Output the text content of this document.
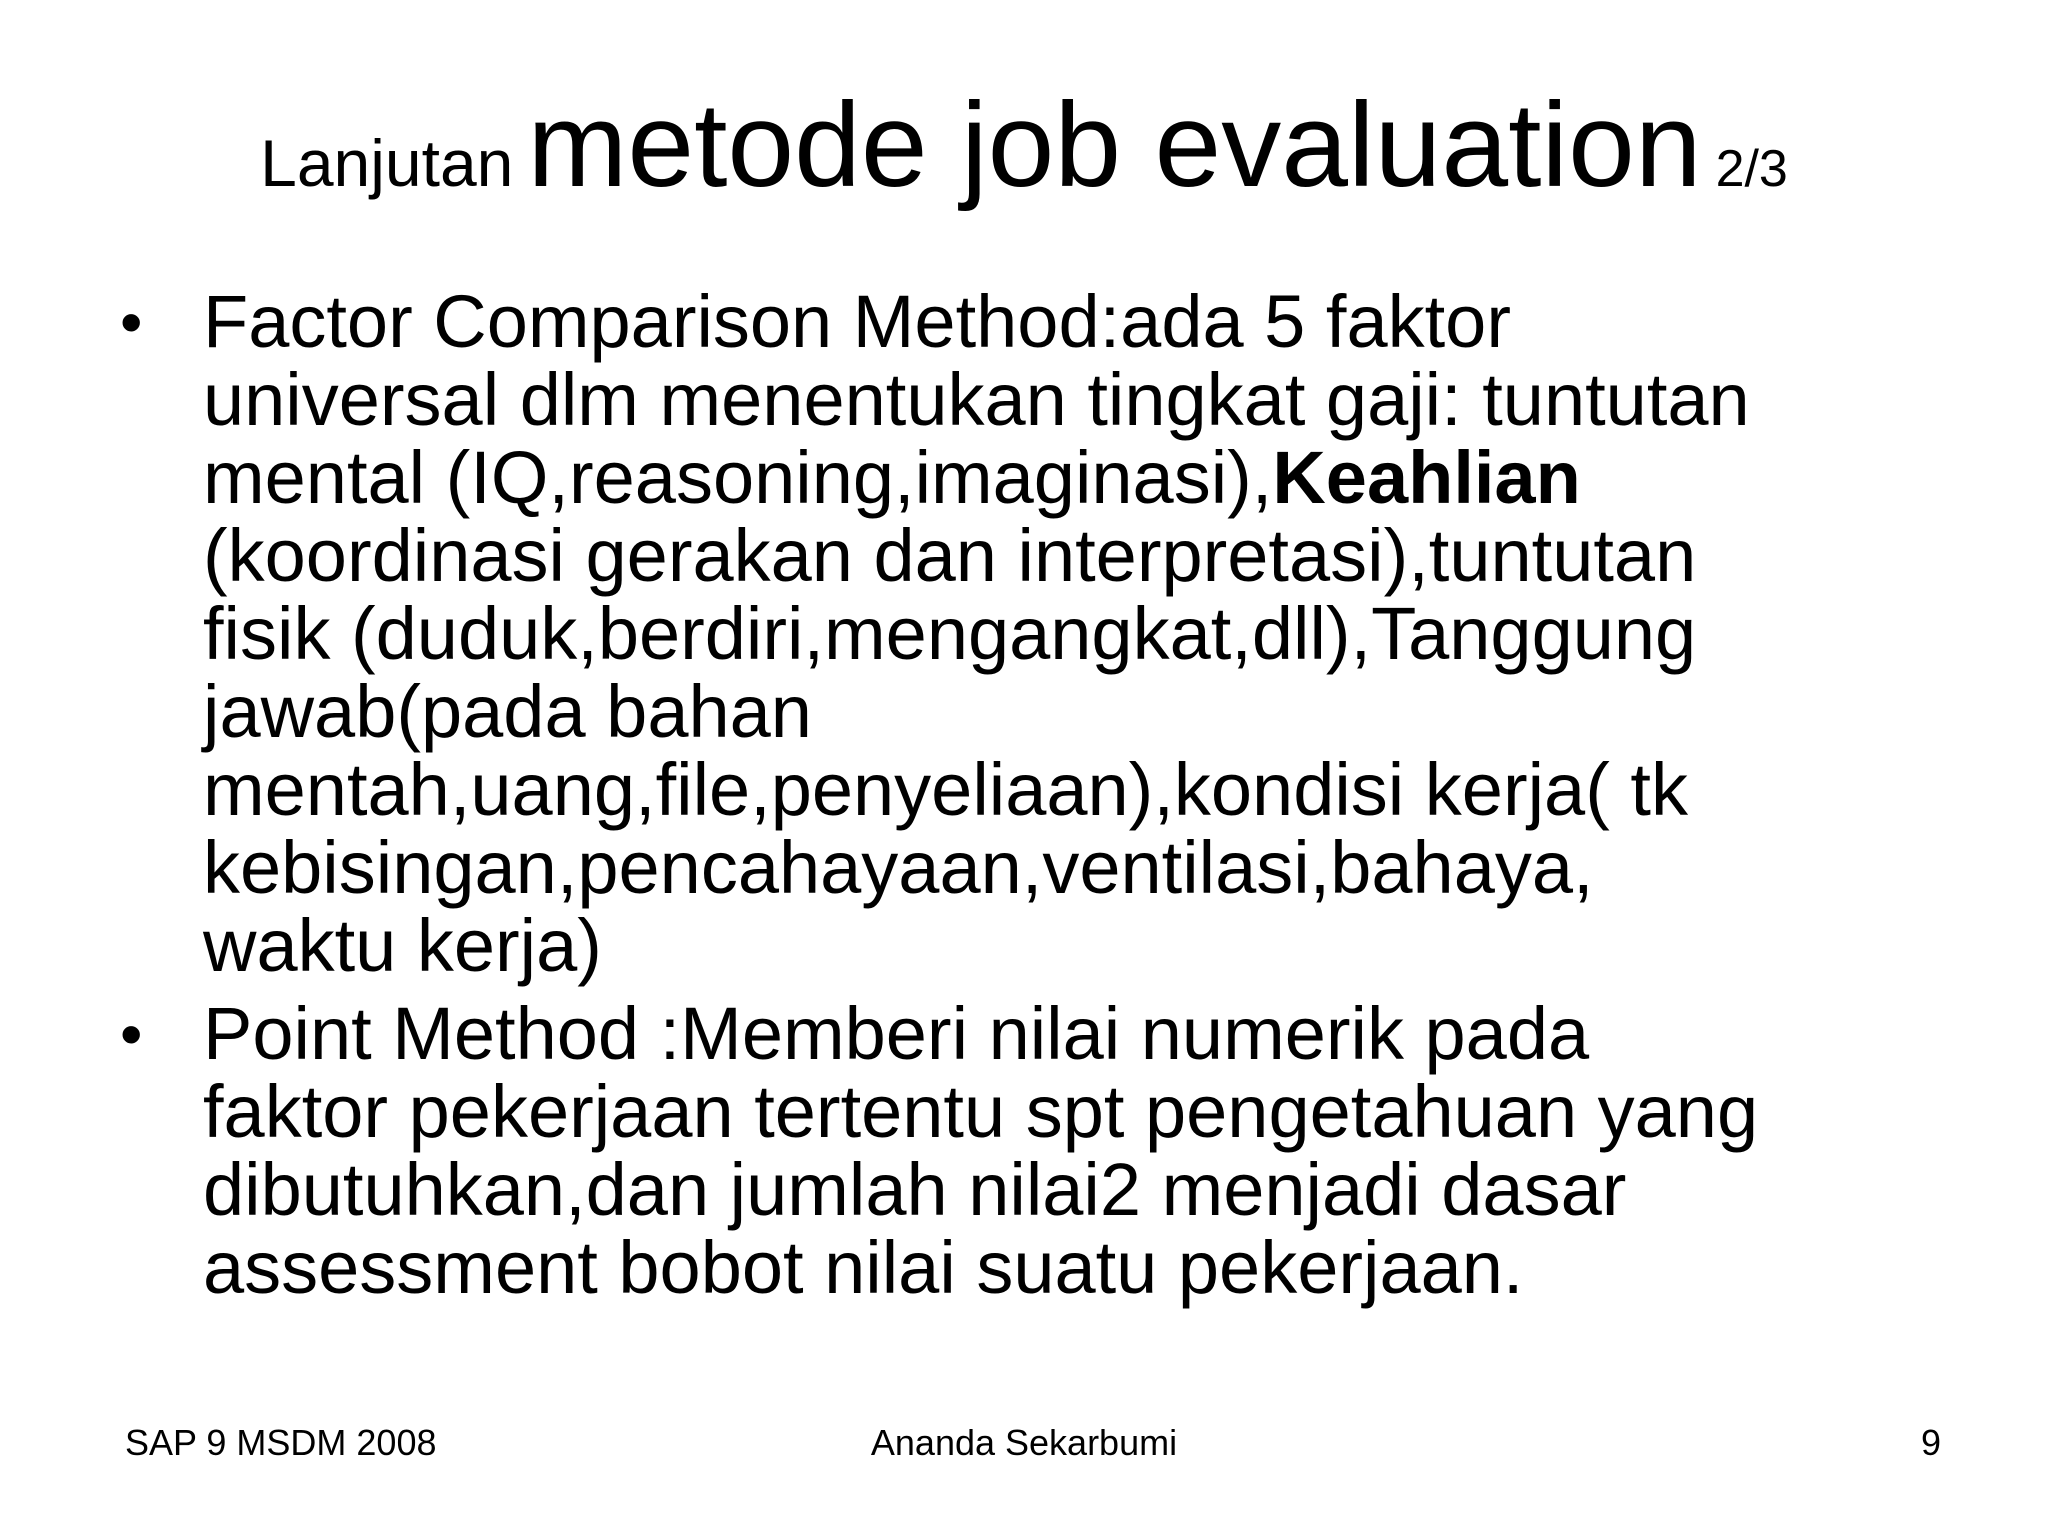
Lanjutan metode job evaluation 2/3
• Factor Comparison Method:ada 5 faktor
universal dlm menentukan tingkat gaji: tuntutan
mental (IQ,reasoning,imaginasi),Keahlian
(koordinasi gerakan dan interpretasi),tuntutan
fisik (duduk,berdiri,mengangkat,dll),Tanggung
jawab(pada bahan
mentah,uang,file,penyeliaan),kondisi kerja( tk
kebisingan,pencahayaan,ventilasi,bahaya,
waktu kerja)
• Point Method :Memberi nilai numerik pada
faktor pekerjaan tertentu spt pengetahuan yang
dibutuhkan,dan jumlah nilai2 menjadi dasar
assessment bobot nilai suatu pekerjaan.
SAP 9 MSDM 2008	Ananda Sekarbumi	9
